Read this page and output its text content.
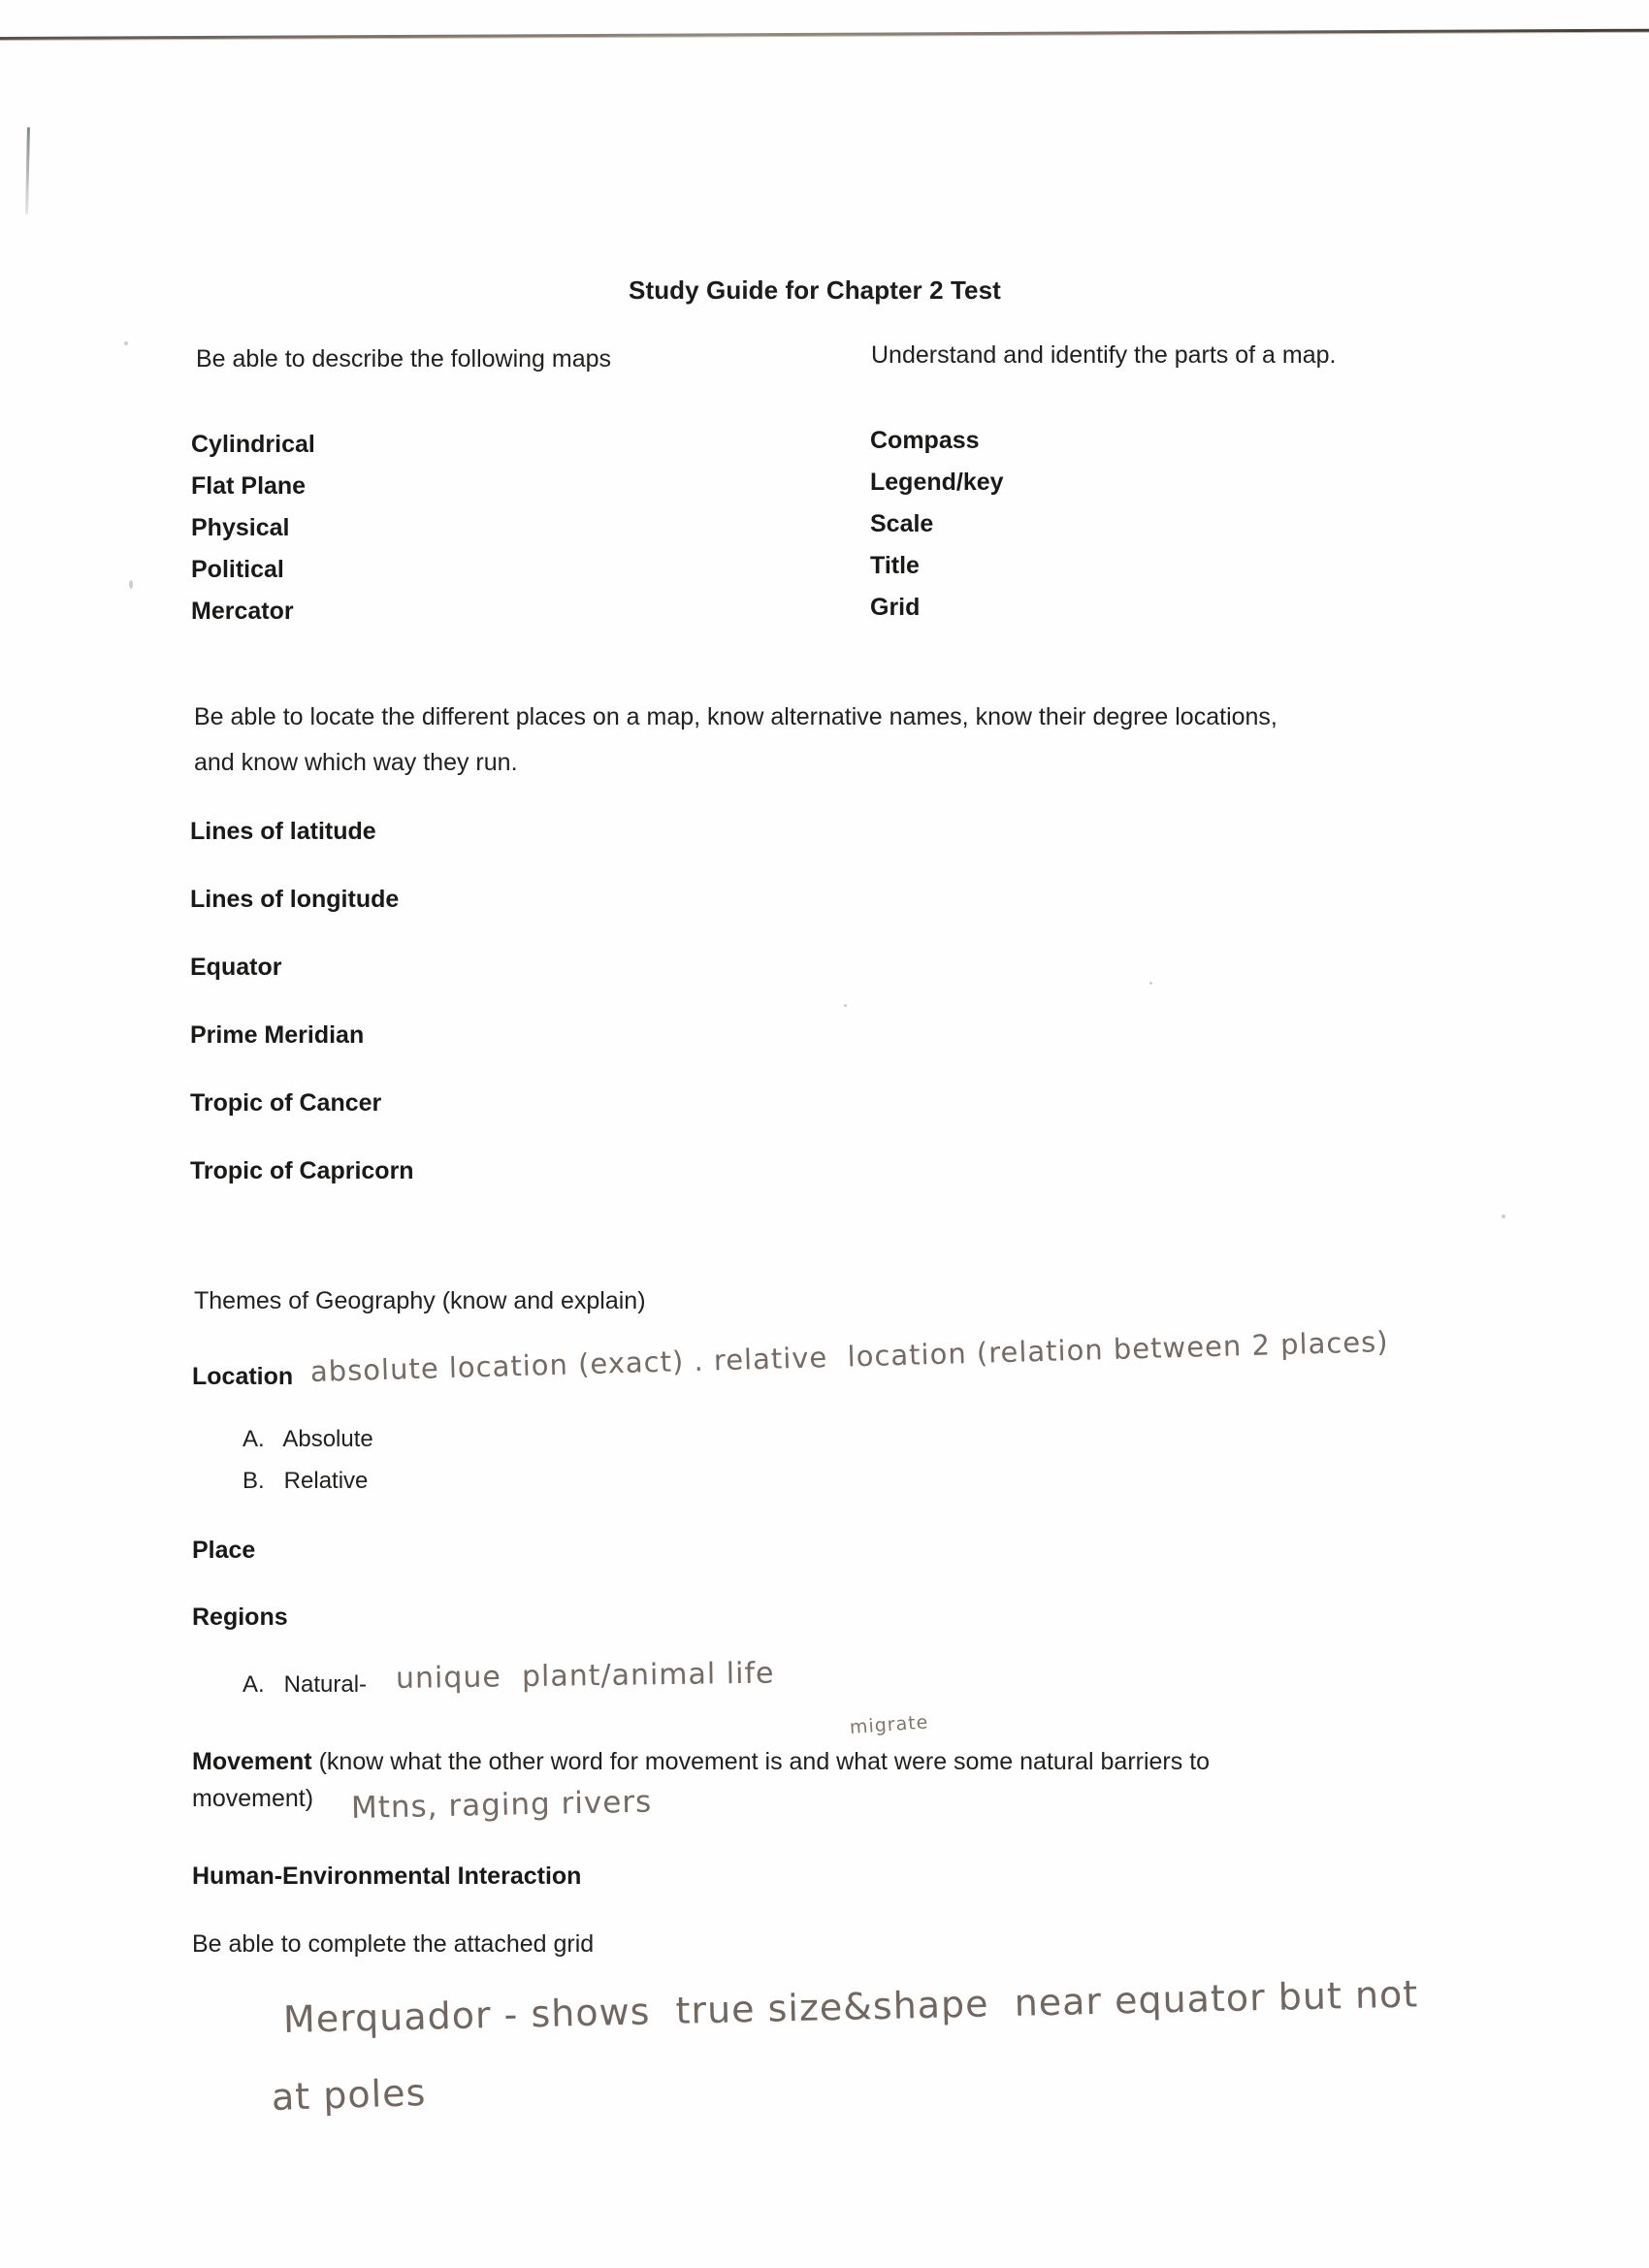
Study Guide for Chapter 2 Test
Be able to describe the following maps	Understand and identify the parts of a map.
Cylindrical
Flat Plane
Physical
Political
Mercator
Compass
Legend/key
Scale
Title
Grid
Be able to locate the different places on a map, know alternative names, know their degree locations,
and know which way they run.
Lines of latitude
Lines of longitude
Equator
Prime Meridian
Tropic of Cancer
Tropic of Capricorn
Themes of Geography (know and explain)
Location
A.   Absolute
B.   Relative
Place
Regions
A.   Natural-
Movement (know what the other word for movement is and what were some natural barriers to
movement)
Human-Environmental Interaction
Be able to complete the attached grid
absolute location (exact) . relative  location (relation between 2 places)
unique  plant/animal life
migrate
Mtns, raging rivers
Merquador - shows  true size&shape  near equator but not
at poles
